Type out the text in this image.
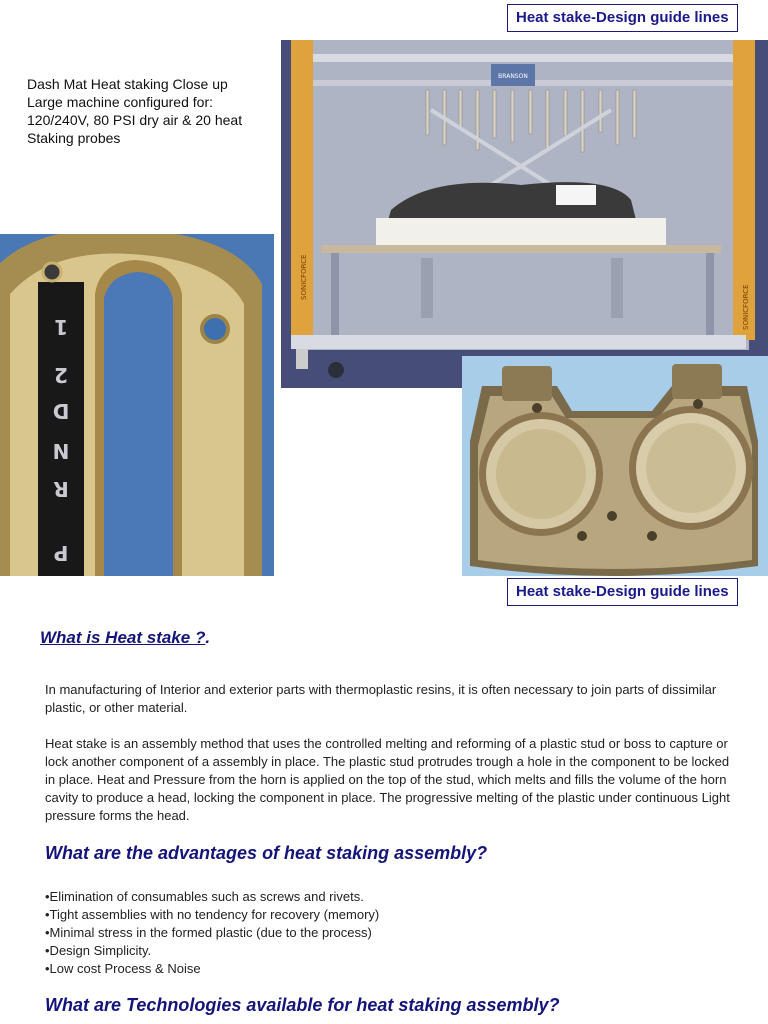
Heat stake-Design guide lines
Dash Mat Heat staking Close up
Large machine configured for:
120/240V, 80 PSI dry air & 20 heat
Staking probes
SONICFORCE
SONICFORCE
BRANSON
1
2
D
N
R
P
Heat stake-Design guide lines
What is Heat stake ?.
In manufacturing of Interior and exterior parts with thermoplastic resins, it is often necessary to join parts of dissimilar plastic, or other material.
Heat stake is an assembly method that uses the controlled melting and reforming of a plastic stud or boss to capture or lock another component of a assembly in place. The plastic stud protrudes trough a hole in the component to be locked in place. Heat and Pressure from the horn is applied on the top of the stud, which melts and fills the volume of the horn cavity to produce a head, locking the component in place. The progressive melting of the plastic under continuous Light pressure forms the head.
What are the advantages of heat staking assembly?
•Elimination of consumables such as screws and rivets.
•Tight assemblies with no tendency for recovery (memory)
•Minimal stress in the formed plastic (due to the process)
•Design Simplicity.
•Low cost Process & Noise
What are Technologies available for heat staking assembly?
